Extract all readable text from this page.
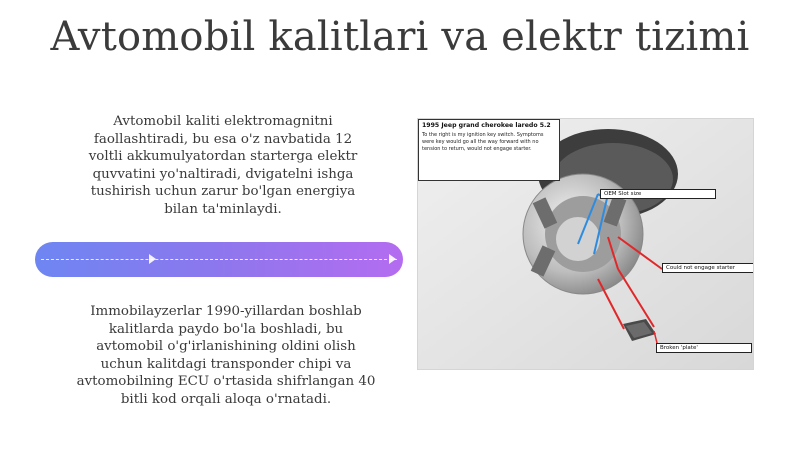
Avtomobil kalitlari va elektr tizimi
Avtomobil kaliti elektromagnitni faollashtiradi, bu esa o'z navbatida 12 voltli akkumulyatordan starterga elektr quvvatini yo'naltiradi, dvigatelni ishga tushirish uchun zarur bo'lgan energiya bilan ta'minlaydi.
Immobilayzerlar 1990-yillardan boshlab kalitlarda paydo bo'la boshladi, bu avtomobil o'g'irlanishining oldini olish uchun kalitdagi transponder chipi va avtomobilning ECU o'rtasida shifrlangan 40 bitli kod orqali aloqa o'rnatadi.
1995 Jeep grand cherokee laredo 5.2
To the right is my ignition key switch. Symptoms were key would go all the way forward with no tension to return, would not engage starter.
OEM Slot size
Could not engage starter
Broken 'plate'
